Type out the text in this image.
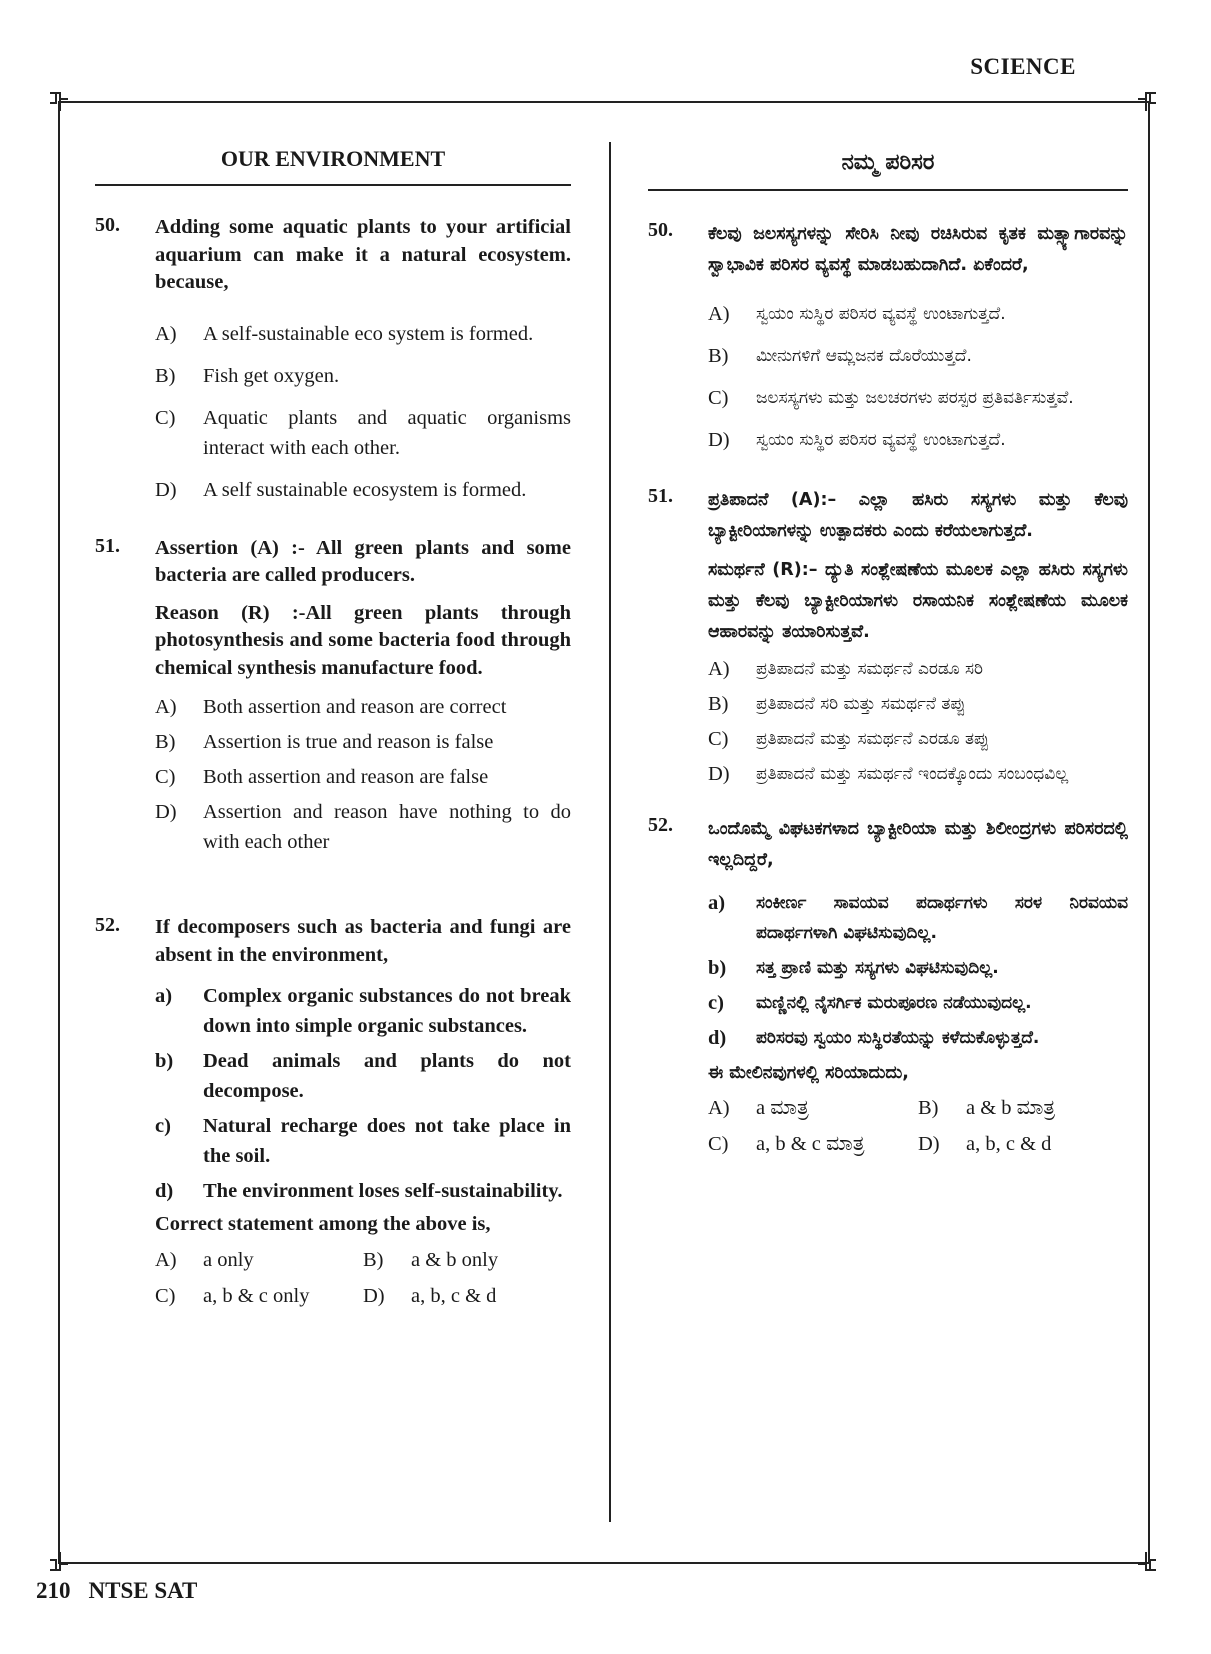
SCIENCE
OUR ENVIRONMENT
50.	Adding some aquatic plants to your artificial aquarium can make it a natural ecosystem. because,
A)	A self-sustainable eco system is formed.
B)	Fish get oxygen.
C)	Aquatic plants and aquatic organisms interact with each other.
D)	A self sustainable ecosystem is formed.
51.	Assertion (A) :- All green plants and some bacteria are called producers.
Reason (R) :-All green plants through photosynthesis and some bacteria food through chemical synthesis manufacture food.
A)	Both assertion and reason are correct
B)	Assertion is true and reason is false
C)	Both assertion and reason are false
D)	Assertion and reason have nothing to do with each other
52.	If decomposers such as bacteria and fungi are absent in the environment,
a)	Complex organic substances do not break down into simple organic substances.
b)	Dead animals and plants do not decompose.
c)	Natural recharge does not take place in the soil.
d)	The environment loses self-sustainability.
Correct statement among the above is,
A)	a only	B)	a & b only
C)	a, b & c only	D)	a, b, c & d
ನಮ್ಮ ಪರಿಸರ
50.	ಕೆಲವು ಜಲಸಸ್ಯಗಳನ್ನು ಸೇರಿಸಿ ನೀವು ರಚಿಸಿರುವ ಕೃತಕ ಮತ್ಸ್ಯಾಗಾರವನ್ನು ಸ್ವಾಭಾವಿಕ ಪರಿಸರ ವ್ಯವಸ್ಥೆ ಮಾಡಬಹುದಾಗಿದೆ. ಏಕೆಂದರೆ,
A)	ಸ್ವಯಂ ಸುಸ್ಥಿರ ಪರಿಸರ ವ್ಯವಸ್ಥೆ ಉಂಟಾಗುತ್ತದೆ.
B)	ಮೀನುಗಳಿಗೆ ಆಮ್ಲಜನಕ ದೊರೆಯುತ್ತದೆ.
C)	ಜಲಸಸ್ಯಗಳು ಮತ್ತು ಜಲಚರಗಳು ಪರಸ್ಪರ ಪ್ರತಿವರ್ತಿಸುತ್ತವೆ.
D)	ಸ್ವಯಂ ಸುಸ್ಥಿರ ಪರಿಸರ ವ್ಯವಸ್ಥೆ ಉಂಟಾಗುತ್ತದೆ.
51.	ಪ್ರತಿಪಾದನೆ (A):– ಎಲ್ಲಾ ಹಸಿರು ಸಸ್ಯಗಳು ಮತ್ತು ಕೆಲವು ಬ್ಯಾಕ್ಟೀರಿಯಾಗಳನ್ನು ಉತ್ಪಾದಕರು ಎಂದು ಕರೆಯಲಾಗುತ್ತದೆ.
ಸಮರ್ಥನೆ (R):– ದ್ಯುತಿ ಸಂಶ್ಲೇಷಣೆಯ ಮೂಲಕ ಎಲ್ಲಾ ಹಸಿರು ಸಸ್ಯಗಳು ಮತ್ತು ಕೆಲವು ಬ್ಯಾಕ್ಟೀರಿಯಾಗಳು ರಸಾಯನಿಕ ಸಂಶ್ಲೇಷಣೆಯ ಮೂಲಕ ಆಹಾರವನ್ನು ತಯಾರಿಸುತ್ತವೆ.
A)	ಪ್ರತಿಪಾದನೆ ಮತ್ತು ಸಮರ್ಥನೆ ಎರಡೂ ಸರಿ
B)	ಪ್ರತಿಪಾದನೆ ಸರಿ ಮತ್ತು ಸಮರ್ಥನೆ ತಪ್ಪು
C)	ಪ್ರತಿಪಾದನೆ ಮತ್ತು ಸಮರ್ಥನೆ ಎರಡೂ ತಪ್ಪು
D)	ಪ್ರತಿಪಾದನೆ ಮತ್ತು ಸಮರ್ಥನೆ ಇಂದಕ್ಕೊಂದು ಸಂಬಂಧವಿಲ್ಲ
52.	ಒಂದೊಮ್ಮೆ ವಿಘಟಕಗಳಾದ ಬ್ಯಾಕ್ಟೀರಿಯಾ ಮತ್ತು ಶಿಲೀಂದ್ರಗಳು ಪರಿಸರದಲ್ಲಿ ಇಲ್ಲದಿದ್ದರೆ,
a)	ಸಂಕೀರ್ಣ ಸಾವಯವ ಪದಾರ್ಥಗಳು ಸರಳ ನಿರವಯವ ಪದಾರ್ಥಗಳಾಗಿ ವಿಘಟಿಸುವುದಿಲ್ಲ.
b)	ಸತ್ತ ಪ್ರಾಣಿ ಮತ್ತು ಸಸ್ಯಗಳು ವಿಘಟಿಸುವುದಿಲ್ಲ.
c)	ಮಣ್ಣಿನಲ್ಲಿ ನೈಸರ್ಗಿಕ ಮರುಪೂರಣ ನಡೆಯುವುದಲ್ಲ.
d)	ಪರಿಸರವು ಸ್ವಯಂ ಸುಸ್ಥಿರತೆಯನ್ನು ಕಳೆದುಕೊಳ್ಳುತ್ತದೆ.
ಈ ಮೇಲಿನವುಗಳಲ್ಲಿ ಸರಿಯಾದುದು,
A)	a ಮಾತ್ರ	B)	a & b ಮಾತ್ರ
C)	a, b & c ಮಾತ್ರ	D)	a, b, c & d
210 NTSE SAT
